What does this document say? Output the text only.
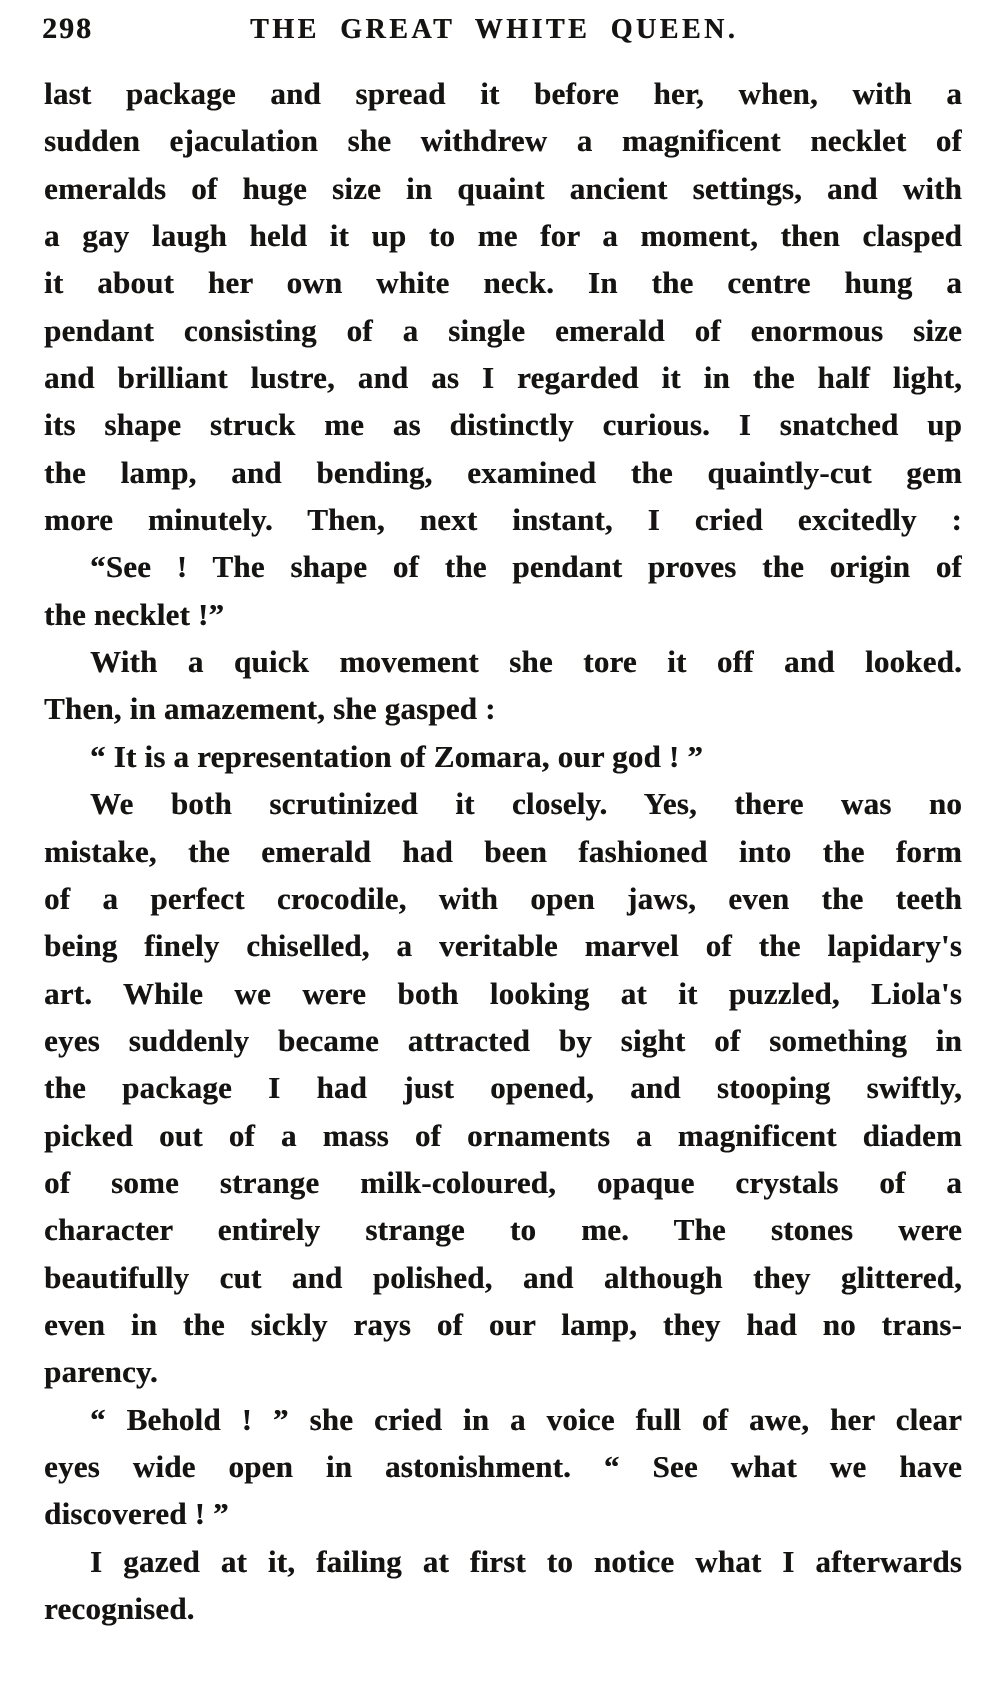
298	THE GREAT WHITE QUEEN.
last package and spread it before her, when, with a
sudden ejaculation she withdrew a magnificent necklet of
emeralds of huge size in quaint ancient settings, and with
a gay laugh held it up to me for a moment, then clasped
it about her own white neck. In the centre hung a
pendant consisting of a single emerald of enormous size
and brilliant lustre, and as I regarded it in the half light,
its shape struck me as distinctly curious. I snatched up
the lamp, and bending, examined the quaintly-cut gem
more minutely. Then, next instant, I cried excitedly :
“See ! The shape of the pendant proves the origin of
the necklet !”
With a quick movement she tore it off and looked.
Then, in amazement, she gasped :
“ It is a representation of Zomara, our god ! ”
We both scrutinized it closely. Yes, there was no
mistake, the emerald had been fashioned into the form
of a perfect crocodile, with open jaws, even the teeth
being finely chiselled, a veritable marvel of the lapidary's
art. While we were both looking at it puzzled, Liola's
eyes suddenly became attracted by sight of something in
the package I had just opened, and stooping swiftly,
picked out of a mass of ornaments a magnificent diadem
of some strange milk-coloured, opaque crystals of a
character entirely strange to me. The stones were
beautifully cut and polished, and although they glittered,
even in the sickly rays of our lamp, they had no trans-
parency.
“ Behold ! ” she cried in a voice full of awe, her clear
eyes wide open in astonishment. “ See what we have
discovered ! ”
I gazed at it, failing at first to notice what I afterwards
recognised.
